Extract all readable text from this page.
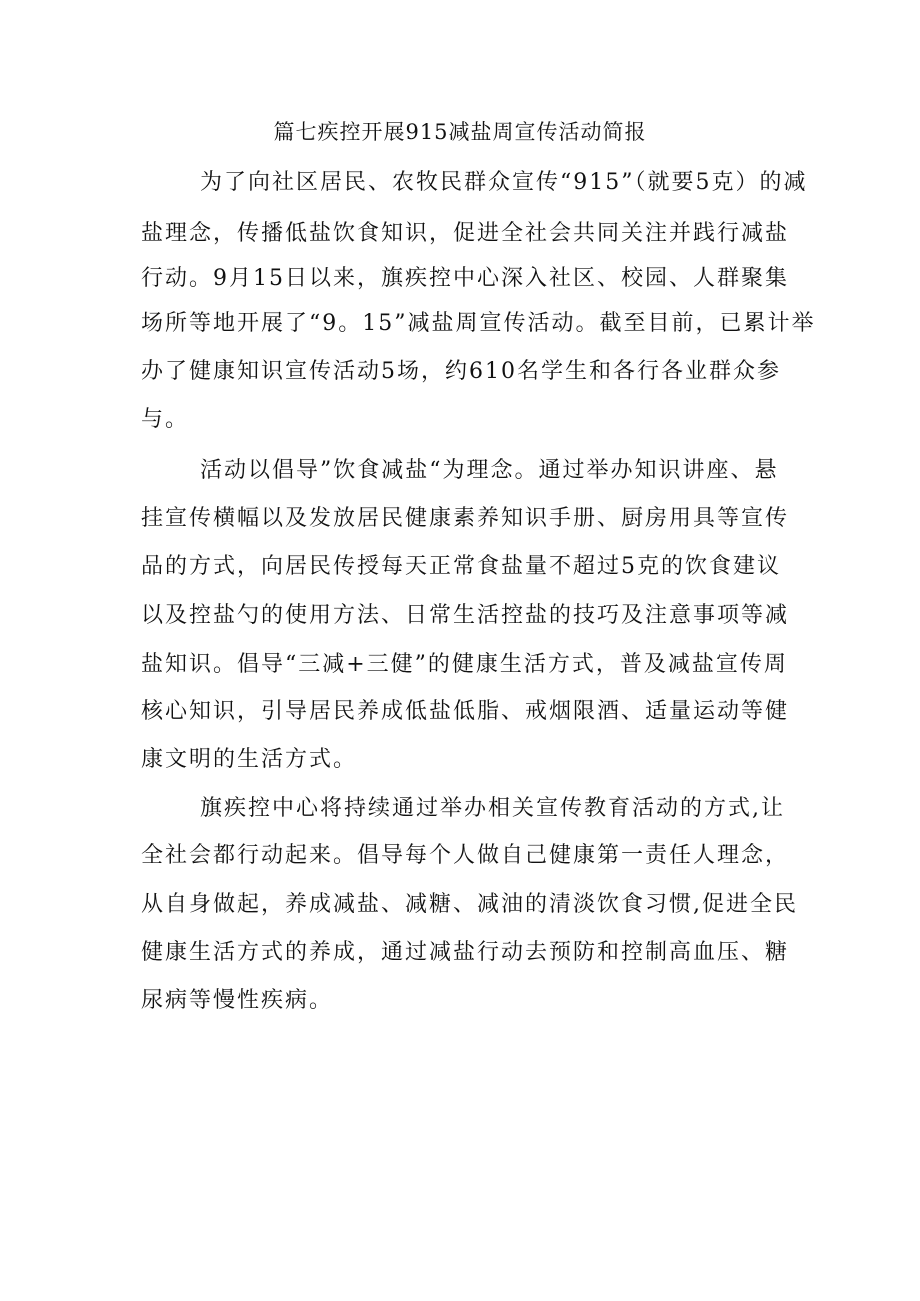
篇七疾控开展915减盐周宣传活动简报
为了向社区居民、农牧民群众宣传“915”（就要5克）的减
盐理念，传播低盐饮食知识，促进全社会共同关注并践行减盐
行动。9月15日以来，旗疾控中心深入社区、校园、人群聚集
场所等地开展了“9。15”减盐周宣传活动。截至目前，已累计举
办了健康知识宣传活动5场，约610名学生和各行各业群众参
与。
活动以倡导”饮食减盐“为理念。通过举办知识讲座、悬
挂宣传横幅以及发放居民健康素养知识手册、厨房用具等宣传
品的方式，向居民传授每天正常食盐量不超过5克的饮食建议
以及控盐勺的使用方法、日常生活控盐的技巧及注意事项等减
盐知识。倡导“三减+三健”的健康生活方式，普及减盐宣传周
核心知识，引导居民养成低盐低脂、戒烟限酒、适量运动等健
康文明的生活方式。
旗疾控中心将持续通过举办相关宣传教育活动的方式,让
全社会都行动起来。倡导每个人做自己健康第一责任人理念，
从自身做起，养成减盐、减糖、减油的清淡饮食习惯,促进全民
健康生活方式的养成，通过减盐行动去预防和控制高血压、糖
尿病等慢性疾病。
